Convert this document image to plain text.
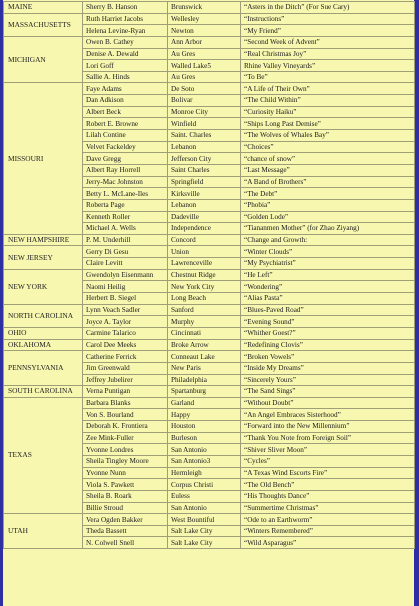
MAINE	Sherry B. Hanson	Brunswick	“Asters in the Ditch” (For Sue Cary)
MASSACHUSETTS	Ruth Harriet Jacobs	Wellesley	“Instructions”
	Helena Levine-Ryan	Newton	“My Friend”
MICHIGAN	Owen B. Cathey	Ann Arbor	“Second Week of Advent”
	Denise A. Dewald	Au Gres	“Real Christmas Joy”
	Lori Goff	Walled Lake5	Rhine Valley Vineyards”
	Sallie A. Hinds	Au Gres	“To Be”
MISSOURI	Faye Adams	De Soto	“A Life of Their Own”
	Dan Adkison	Bolivar	“The Child Within”
	Albert Beck	Monroe City	“Curiosity Haiku”
	Robert E. Browne	Winfield	“Ships Long Past Demise”
	Lilah Contine	Saint. Charles	“The Wolves of Whales Bay”
	Velvet Fackeldey	Lebanon	“Choices”
	Dave Gregg	Jefferson City	“chance of snow”
	Albert Ray Horrell	Saint Charles	“Last Message”
	Jerry-Mac Johnston	Springfield	“A Band of Brothers”
	Betty L. McLane-Iles	Kirksville	“The Debt”
	Roberta Page	Lebanon	“Phobia”
	Kenneth Roller	Dadeville	“Golden Lode”
	Michael A. Wells	Independence	“Tiananmen Mother” (for Zhao Ziyang)
NEW HAMPSHIRE	P. M. Underhill	Concord	“Change and Growth:
NEW JERSEY	Gerry Di Gesu	Union	“Winter Clouds”
	Claire Levitt	Lawrenceville	“My Psychiatrist”
NEW YORK	Gwendolyn Eisenmann	Chestnut Ridge	“He Left”
	Naomi Heilig	New York City	“Wondering”
	Herbert B. Siegel	Long Beach	“Alias Pasta”
NORTH CAROLINA	Lynn Veach Sadler	Sanford	“Blues-Paved Road”
	Joyce A. Taylor	Murphy	“Evening Sound”
OHIO	Carmine Talarico	Cincinnati	“Whither Goest?”
OKLAHOMA	Carol Dee Meeks	Broke Arrow	“Redefining Clovis”
PENNSYLVANIA	Catherine Ferrick	Conneaut Lake	“Broken Vowels”
	Jim Greenwald	New Paris	“Inside My Dreams”
	Jeffrey Jubelirer	Philadelphia	“Sincerely Yours”
SOUTH CAROLINA	Verna Puntigan	Spartanburg	“The Sand Sings”
TEXAS	Barbara Blanks	Garland	“Without Doubt”
	Von S. Bourland	Happy	“An Angel Embraces Sisterhood”
	Deborah K. Frontiera	Houston	“Forward into the New Millennium”
	Zee Mink-Fuller	Burleson	“Thank You Note from Foreign Soil”
	Yvonne Londres	San Antonio	“Shiver Sliver Moon”
	Sheila Tingley Moore	San Antonio3	“Cycles”
	Yvonne Nunn	Hermleigh	“A Texas Wind Escorts Fire”
	Viola S. Pawkett	Corpus Christi	“The Old Bench”
	Sheila B. Roark	Euless	“His Thoughts Dance”
	Billie Stroud	San Antonio	“Summertime Christmas”
UTAH	Vera Ogden Bakker	West Bountiful	“Ode to an Earthworm”
	Theda Bassett	Salt Lake City	“Winters Remembered”
	N. Colwell Snell	Salt Lake City	“Wild Asparagus”
